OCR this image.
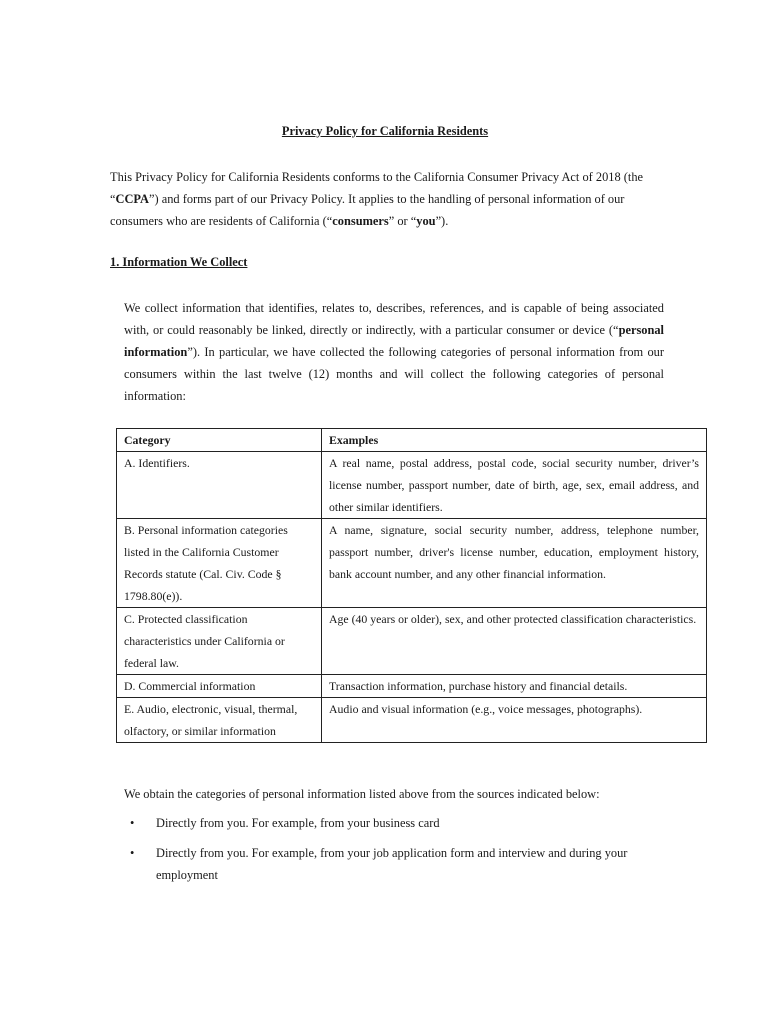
Privacy Policy for California Residents

This Privacy Policy for California Residents conforms to the California Consumer Privacy Act of 2018 (the “CCPA”) and forms part of our Privacy Policy. It applies to the handling of personal information of our consumers who are residents of California (“consumers” or “you”).

1. Information We Collect

We collect information that identifies, relates to, describes, references, and is capable of being associated with, or could reasonably be linked, directly or indirectly, with a particular consumer or device (“personal information”). In particular, we have collected the following categories of personal information from our consumers within the last twelve (12) months and will collect the following categories of personal information:

Category	Examples
A. Identifiers.	A real name, postal address, postal code, social security number, driver’s license number, passport number, date of birth, age, sex, email address, and other similar identifiers.
B. Personal information categories listed in the California Customer Records statute (Cal. Civ. Code § 1798.80(e)).	A name, signature, social security number, address, telephone number, passport number, driver's license number, education, employment history, bank account number, and any other financial information.
C. Protected classification characteristics under California or federal law.	Age (40 years or older), sex, and other protected classification characteristics.
D. Commercial information	Transaction information, purchase history and financial details.
E. Audio, electronic, visual, thermal, olfactory, or similar information	Audio and visual information (e.g., voice messages, photographs).

We obtain the categories of personal information listed above from the sources indicated below:

• Directly from you. For example, from your business card
• Directly from you. For example, from your job application form and interview and during your employment
